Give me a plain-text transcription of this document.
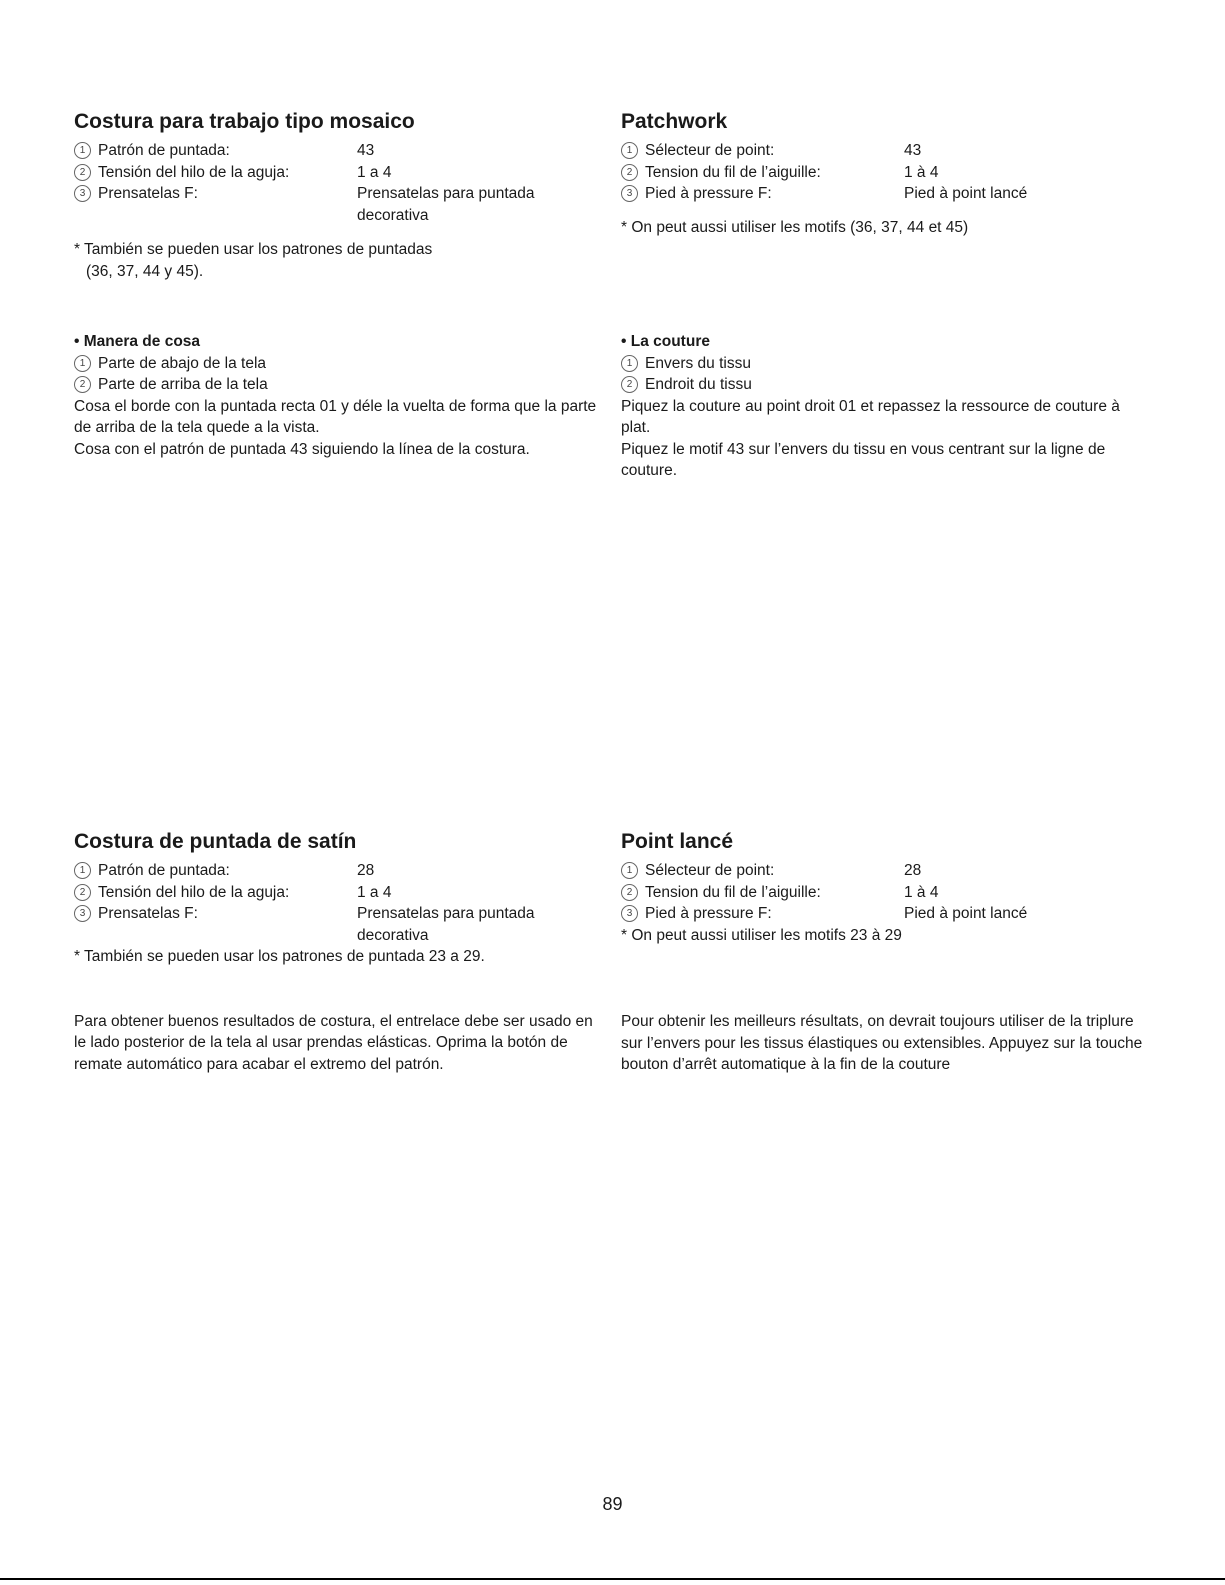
Costura para trabajo tipo mosaico
1 Patrón de puntada:	43
2 Tensión del hilo de la aguja:	1 a 4
3 Prensatelas F:	Prensatelas para puntada
decorativa
* También se pueden usar los patrones de puntadas
(36, 37, 44 y 45).
Patchwork
1 Sélecteur de point:	43
2 Tension du fil de l’aiguille:	1 à 4
3 Pied à pressure F:	Pied à point lancé
* On peut aussi utiliser les motifs (36, 37, 44 et 45)
• Manera de cosa
1 Parte de abajo de la tela
2 Parte de arriba de la tela
Cosa el borde con la puntada recta 01 y déle la vuelta de forma que la parte de arriba de la tela quede a la vista.
Cosa con el patrón de puntada 43 siguiendo la línea de la costura.
• La couture
1 Envers du tissu
2 Endroit du tissu
Piquez la couture au point droit 01 et repassez la ressource de couture à plat.
Piquez le motif 43 sur l’envers du tissu en vous centrant sur la ligne de couture.
Costura de puntada de satín
1 Patrón de puntada:	28
2 Tensión del hilo de la aguja:	1 a 4
3 Prensatelas F:	Prensatelas para puntada
decorativa
* También se pueden usar los patrones de puntada 23 a 29.
Para obtener buenos resultados de costura, el entrelace debe ser usado en le lado posterior de la tela al usar prendas elásticas. Oprima la botón de remate automático para acabar el extremo del patrón.
Point lancé
1 Sélecteur de point:	28
2 Tension du fil de l’aiguille:	1 à 4
3 Pied à pressure F:	Pied à point lancé
* On peut aussi utiliser les motifs 23 à 29
Pour obtenir les meilleurs résultats, on devrait toujours utiliser de la triplure sur l’envers pour les tissus élastiques ou extensibles. Appuyez sur la touche bouton d’arrêt automatique à la fin de la couture
89
